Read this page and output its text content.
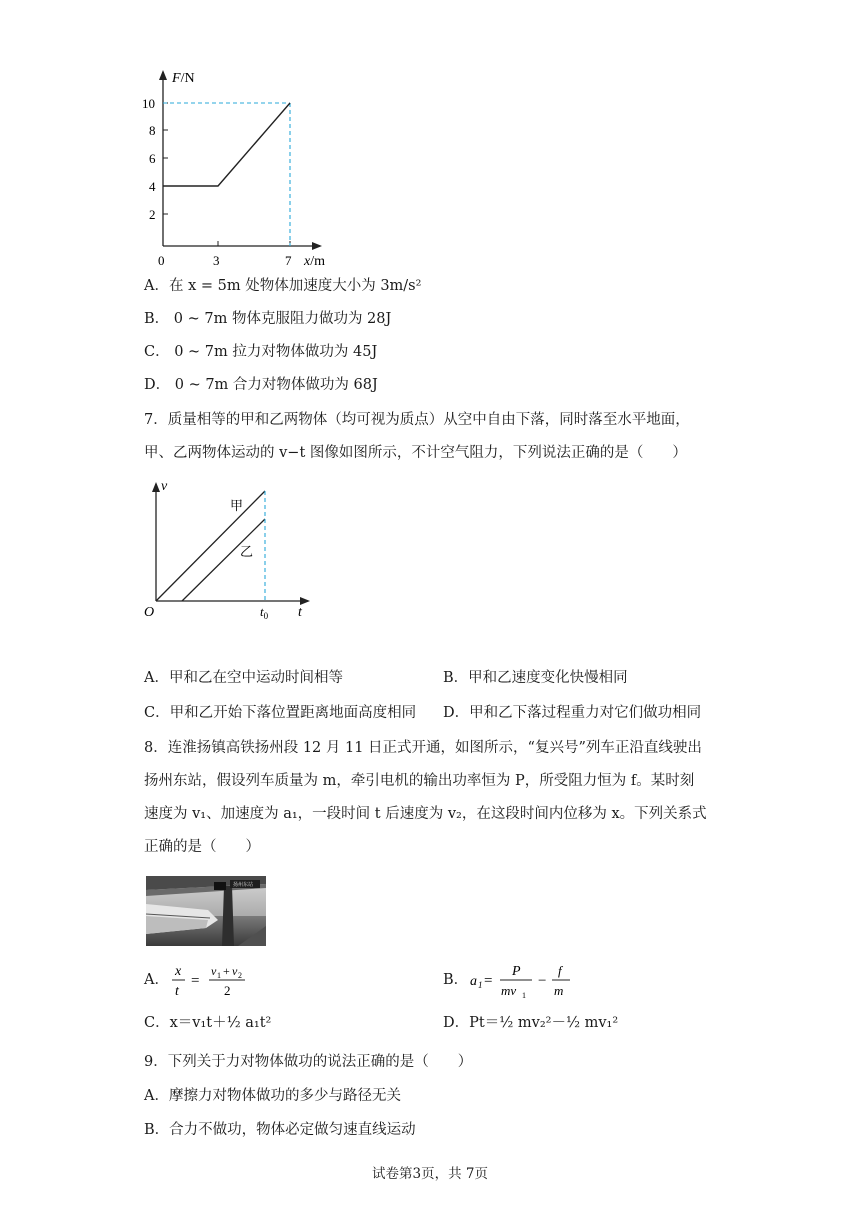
F/N
10
8
6
4
2
0	3	7 x/m
A．在 x = 5m 处物体加速度大小为 3m/s²
B． 0 ~ 7m 物体克服阻力做功为 28J
C． 0 ~ 7m 拉力对物体做功为 45J
D． 0 ~ 7m 合力对物体做功为 68J
7．质量相等的甲和乙两物体（均可视为质点）从空中自由下落，同时落至水平地面，
甲、乙两物体运动的 v−t 图像如图所示，不计空气阻力，下列说法正确的是（　　）
v
甲
乙
O	$t_0$ t
A．甲和乙在空中运动时间相等	B．甲和乙速度变化快慢相同
C．甲和乙开始下落位置距离地面高度相同 D．甲和乙下落过程重力对它们做功相同
8．连淮扬镇高铁扬州段 12 月 11 日正式开通，如图所示，“复兴号”列车正沿直线驶出
扬州东站，假设列车质量为 m，牵引电机的输出功率恒为 P，所受阻力恒为 f。某时刻
速度为 v₁、加速度为 a₁，一段时间 t 后速度为 v₂，在这段时间内位移为 x。下列关系式
正确的是（　　）
扬州东站
A．
x
t
=
v 1 + v 2
2
B． a 1 =
P
mv 1
−
f
m
C．x＝v₁t＋½ a₁t²	D．Pt＝½ mv₂²－½ mv₁²
9．下列关于力对物体做功的说法正确的是（　　）
A．摩擦力对物体做功的多少与路径无关
B．合力不做功，物体必定做匀速直线运动
试卷第3页，共 7页
